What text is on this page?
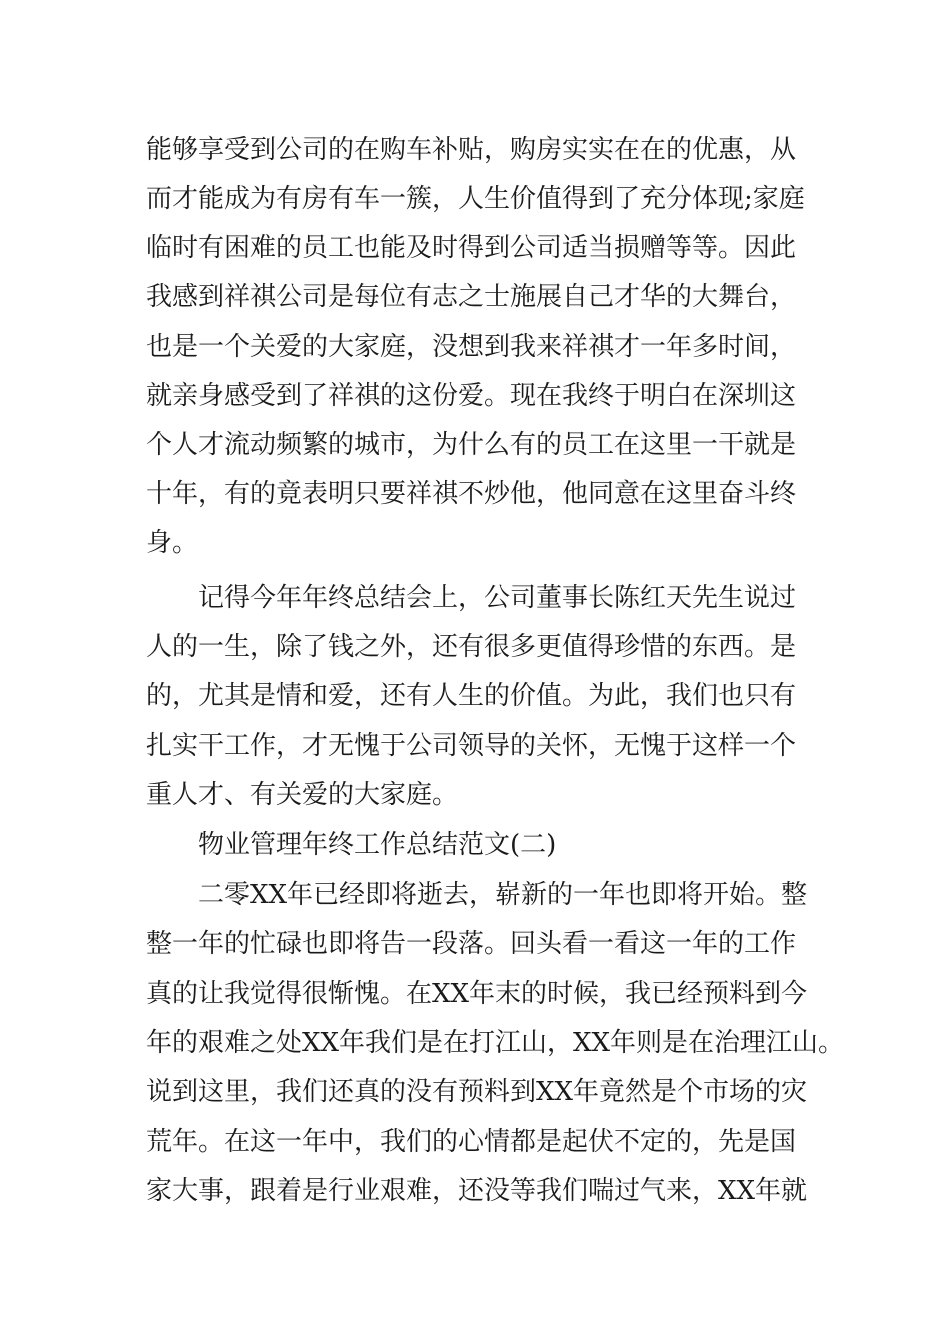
能够享受到公司的在购车补贴，购房实实在在的优惠，从
而才能成为有房有车一簇，人生价值得到了充分体现;家庭
临时有困难的员工也能及时得到公司适当损赠等等。因此
我感到祥祺公司是每位有志之士施展自己才华的大舞台，
也是一个关爱的大家庭，没想到我来祥祺才一年多时间，
就亲身感受到了祥祺的这份爱。现在我终于明白在深圳这
个人才流动频繁的城市，为什么有的员工在这里一干就是
十年，有的竟表明只要祥祺不炒他，他同意在这里奋斗终
身。
记得今年年终总结会上，公司董事长陈红天先生说过
人的一生，除了钱之外，还有很多更值得珍惜的东西。是
的，尤其是情和爱，还有人生的价值。为此，我们也只有
扎实干工作，才无愧于公司领导的关怀，无愧于这样一个
重人才、有关爱的大家庭。
物业管理年终工作总结范文(二)
二零XX年已经即将逝去，崭新的一年也即将开始。整
整一年的忙碌也即将告一段落。回头看一看这一年的工作
真的让我觉得很惭愧。在XX年末的时候，我已经预料到今
年的艰难之处XX年我们是在打江山，XX年则是在治理江山。
说到这里，我们还真的没有预料到XX年竟然是个市场的灾
荒年。在这一年中，我们的心情都是起伏不定的，先是国
家大事，跟着是行业艰难，还没等我们喘过气来，XX年就
